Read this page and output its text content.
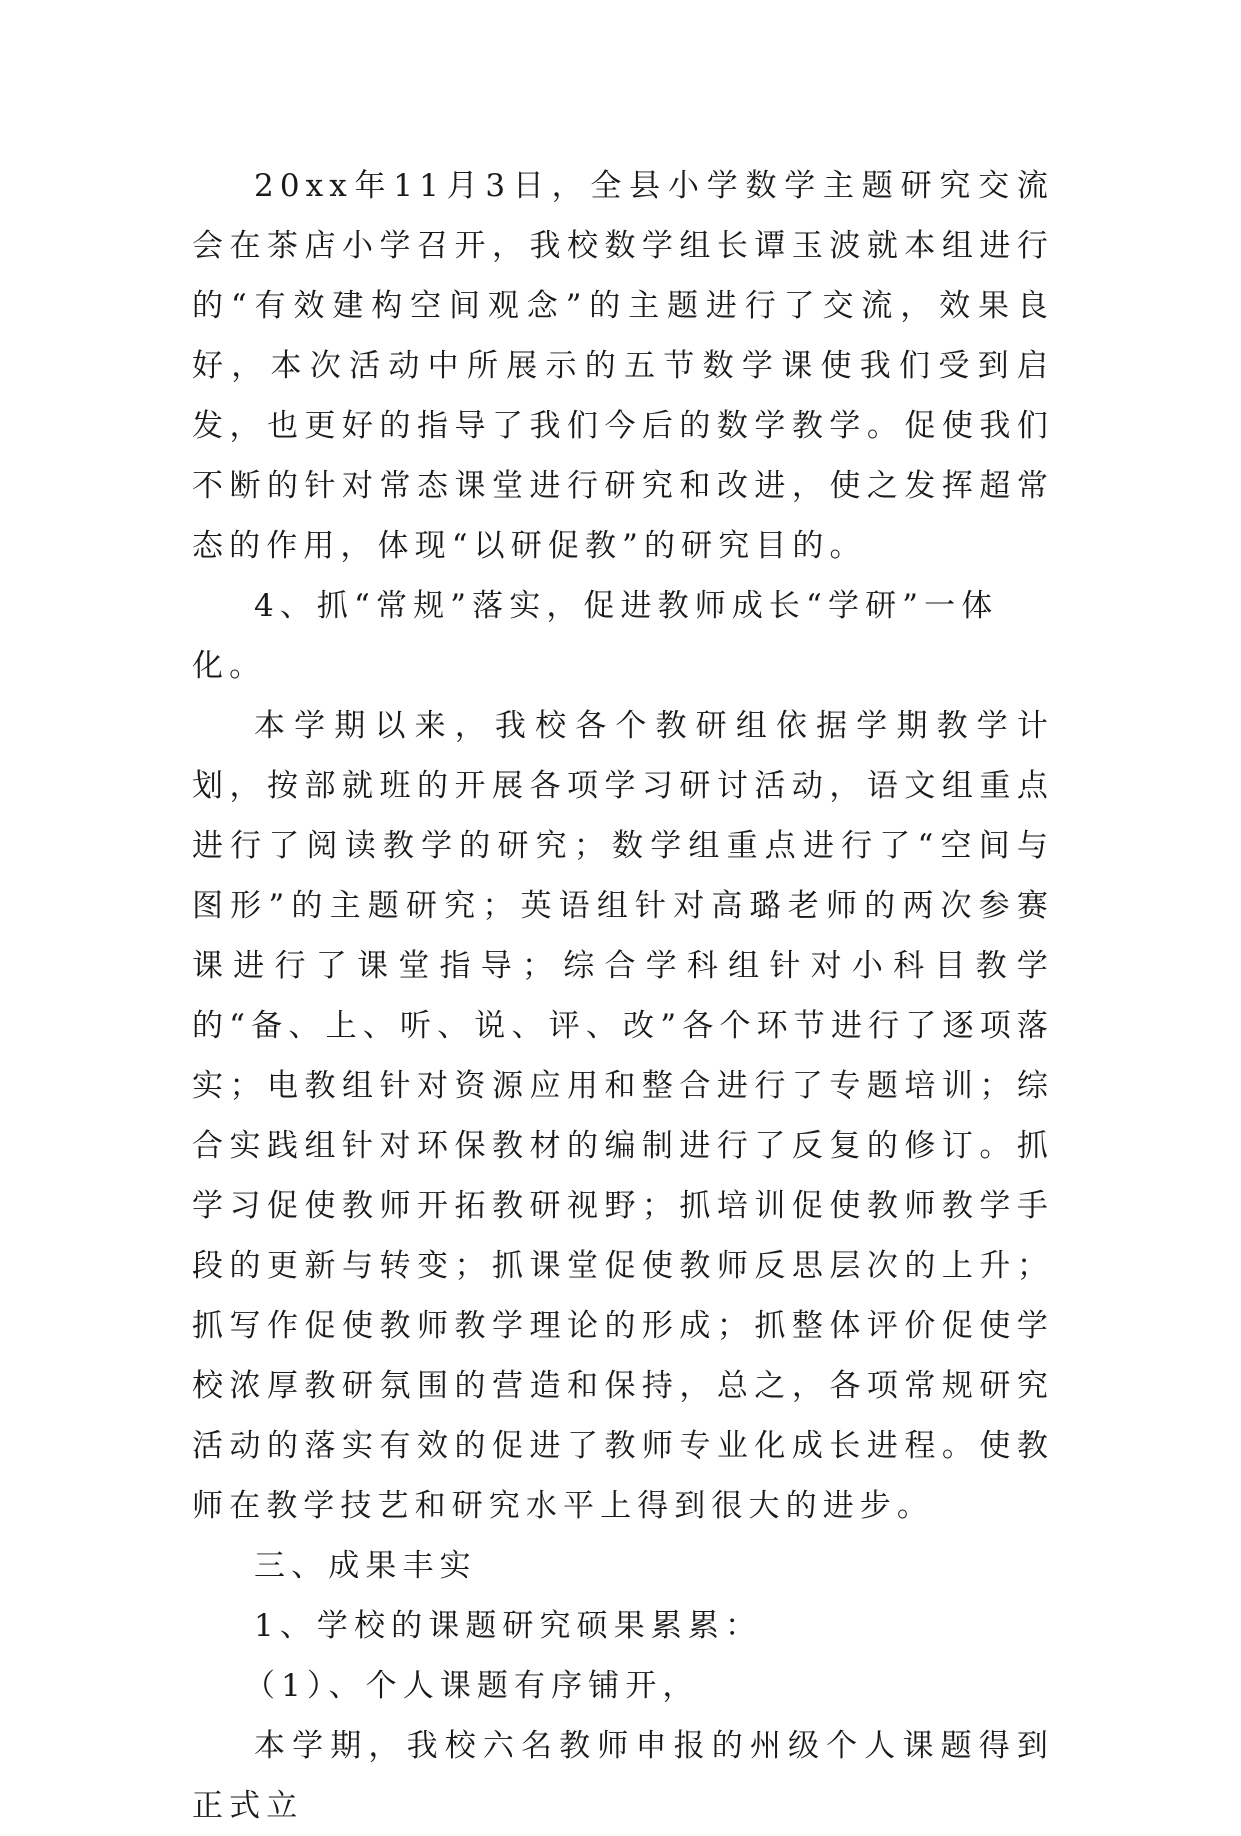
20xx年11月3日，全县小学数学主题研究交流会在茶店小学召开，我校数学组长谭玉波就本组进行的“有效建构空间观念”的主题进行了交流，效果良好，本次活动中所展示的五节数学课使我们受到启发，也更好的指导了我们今后的数学教学。促使我们不断的针对常态课堂进行研究和改进，使之发挥超常态的作用，体现“以研促教”的研究目的。

4、抓“常规”落实，促进教师成长“学研”一体化。

本学期以来，我校各个教研组依据学期教学计划，按部就班的开展各项学习研讨活动，语文组重点进行了阅读教学的研究；数学组重点进行了“空间与图形”的主题研究；英语组针对高璐老师的两次参赛课进行了课堂指导；综合学科组针对小科目教学的“备、上、听、说、评、改”各个环节进行了逐项落实；电教组针对资源应用和整合进行了专题培训；综合实践组针对环保教材的编制进行了反复的修订。抓学习促使教师开拓教研视野；抓培训促使教师教学手段的更新与转变；抓课堂促使教师反思层次的上升；抓写作促使教师教学理论的形成；抓整体评价促使学校浓厚教研氛围的营造和保持，总之，各项常规研究活动的落实有效的促进了教师专业化成长进程。使教师在教学技艺和研究水平上得到很大的进步。

三、成果丰实

1、学校的课题研究硕果累累：

（1）、个人课题有序铺开，

本学期，我校六名教师申报的州级个人课题得到正式立
